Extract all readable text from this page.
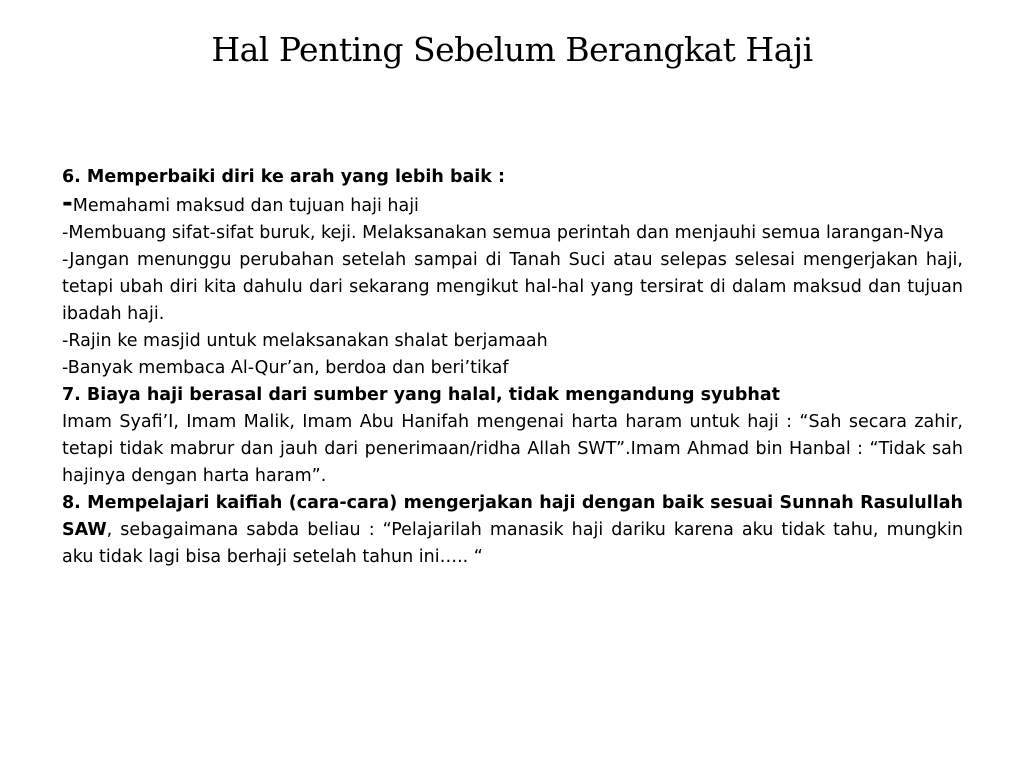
Hal Penting Sebelum Berangkat Haji

6. Memperbaiki diri ke arah yang lebih baik :

-Memahami maksud dan tujuan haji haji

-Membuang sifat-sifat buruk, keji. Melaksanakan semua perintah dan menjauhi semua larangan-Nya

-Jangan menunggu perubahan setelah sampai di Tanah Suci atau selepas selesai mengerjakan haji, tetapi ubah diri kita dahulu dari sekarang mengikut hal-hal yang tersirat di dalam maksud dan tujuan ibadah haji.

-Rajin ke masjid untuk melaksanakan shalat berjamaah

-Banyak membaca Al-Qur’an, berdoa dan beri’tikaf

7. Biaya haji berasal dari sumber yang halal, tidak mengandung syubhat

Imam Syafi’I, Imam Malik, Imam Abu Hanifah mengenai harta haram untuk haji : “Sah secara zahir, tetapi tidak mabrur dan jauh dari penerimaan/ridha Allah SWT”.Imam Ahmad bin Hanbal : “Tidak sah hajinya dengan harta haram”.

8. Mempelajari kaifiah (cara-cara) mengerjakan haji dengan baik sesuai Sunnah Rasulullah SAW, sebagaimana sabda beliau : “Pelajarilah manasik haji dariku karena aku tidak tahu, mungkin aku tidak lagi bisa berhaji setelah tahun ini….. “
